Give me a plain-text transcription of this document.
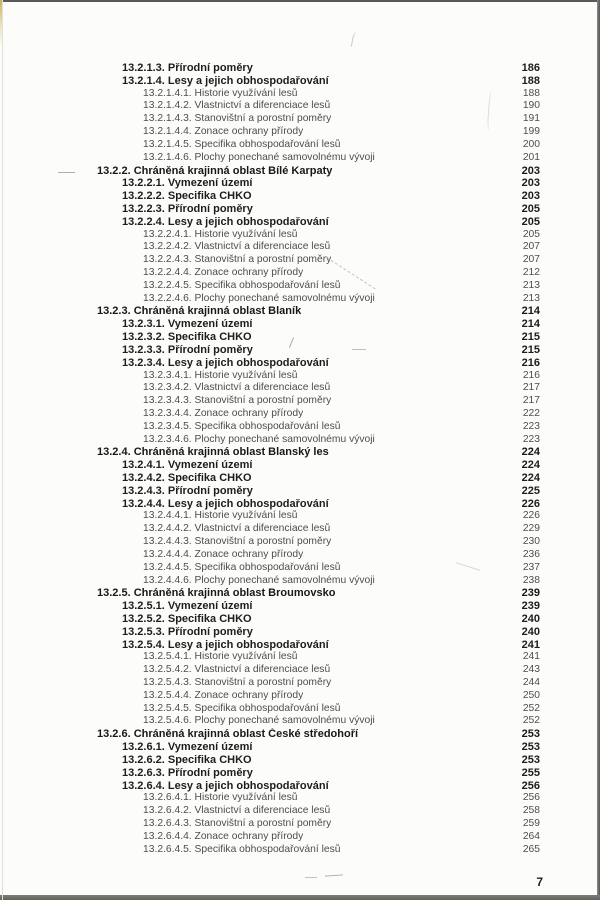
13.2.1.3. Přírodní poměry	186
13.2.1.4. Lesy a jejich obhospodařování	188
13.2.1.4.1. Historie využívání lesů	188
13.2.1.4.2. Vlastnictví a diferenciace lesů	190
13.2.1.4.3. Stanovištní a porostní poměry	191
13.2.1.4.4. Zonace ochrany přírody	199
13.2.1.4.5. Specifika obhospodařování lesů	200
13.2.1.4.6. Plochy ponechané samovolnému vývoji	201
13.2.2. Chráněná krajinná oblast Bílé Karpaty	203
13.2.2.1. Vymezení území	203
13.2.2.2. Specifika CHKO	203
13.2.2.3. Přírodní poměry	205
13.2.2.4. Lesy a jejich obhospodařování	205
13.2.2.4.1. Historie využívání lesů	205
13.2.2.4.2. Vlastnictví a diferenciace lesů	207
13.2.2.4.3. Stanovištní a porostní poměry	207
13.2.2.4.4. Zonace ochrany přírody	212
13.2.2.4.5. Specifika obhospodařování lesů	213
13.2.2.4.6. Plochy ponechané samovolnému vývoji	213
13.2.3. Chráněná krajinná oblast Blaník	214
13.2.3.1. Vymezení území	214
13.2.3.2. Specifika CHKO	215
13.2.3.3. Přírodní poměry	215
13.2.3.4. Lesy a jejich obhospodařování	216
13.2.3.4.1. Historie využívání lesů	216
13.2.3.4.2. Vlastnictví a diferenciace lesů	217
13.2.3.4.3. Stanovištní a porostní poměry	217
13.2.3.4.4. Zonace ochrany přírody	222
13.2.3.4.5. Specifika obhospodařování lesů	223
13.2.3.4.6. Plochy ponechané samovolnému vývoji	223
13.2.4. Chráněná krajinná oblast Blanský les	224
13.2.4.1. Vymezení území	224
13.2.4.2. Specifika CHKO	224
13.2.4.3. Přírodní poměry	225
13.2.4.4. Lesy a jejich obhospodařování	226
13.2.4.4.1. Historie využívání lesů	226
13.2.4.4.2. Vlastnictví a diferenciace lesů	229
13.2.4.4.3. Stanovištní a porostní poměry	230
13.2.4.4.4. Zonace ochrany přírody	236
13.2.4.4.5. Specifika obhospodařování lesů	237
13.2.4.4.6. Plochy ponechané samovolnému vývoji	238
13.2.5. Chráněná krajinná oblast Broumovsko	239
13.2.5.1. Vymezení území	239
13.2.5.2. Specifika CHKO	240
13.2.5.3. Přírodní poměry	240
13.2.5.4. Lesy a jejich obhospodařování	241
13.2.5.4.1. Historie využívání lesů	241
13.2.5.4.2. Vlastnictví a diferenciace lesů	243
13.2.5.4.3. Stanovištní a porostní poměry	244
13.2.5.4.4. Zonace ochrany přírody	250
13.2.5.4.5. Specifika obhospodařování lesů	252
13.2.5.4.6. Plochy ponechané samovolnému vývoji	252
13.2.6. Chráněná krajinná oblast České středohoří	253
13.2.6.1. Vymezení území	253
13.2.6.2. Specifika CHKO	253
13.2.6.3. Přírodní poměry	255
13.2.6.4. Lesy a jejich obhospodařování	256
13.2.6.4.1. Historie využívání lesů	256
13.2.6.4.2. Vlastnictví a diferenciace lesů	258
13.2.6.4.3. Stanovištní a porostní poměry	259
13.2.6.4.4. Zonace ochrany přírody	264
13.2.6.4.5. Specifika obhospodařování lesů	265
7
